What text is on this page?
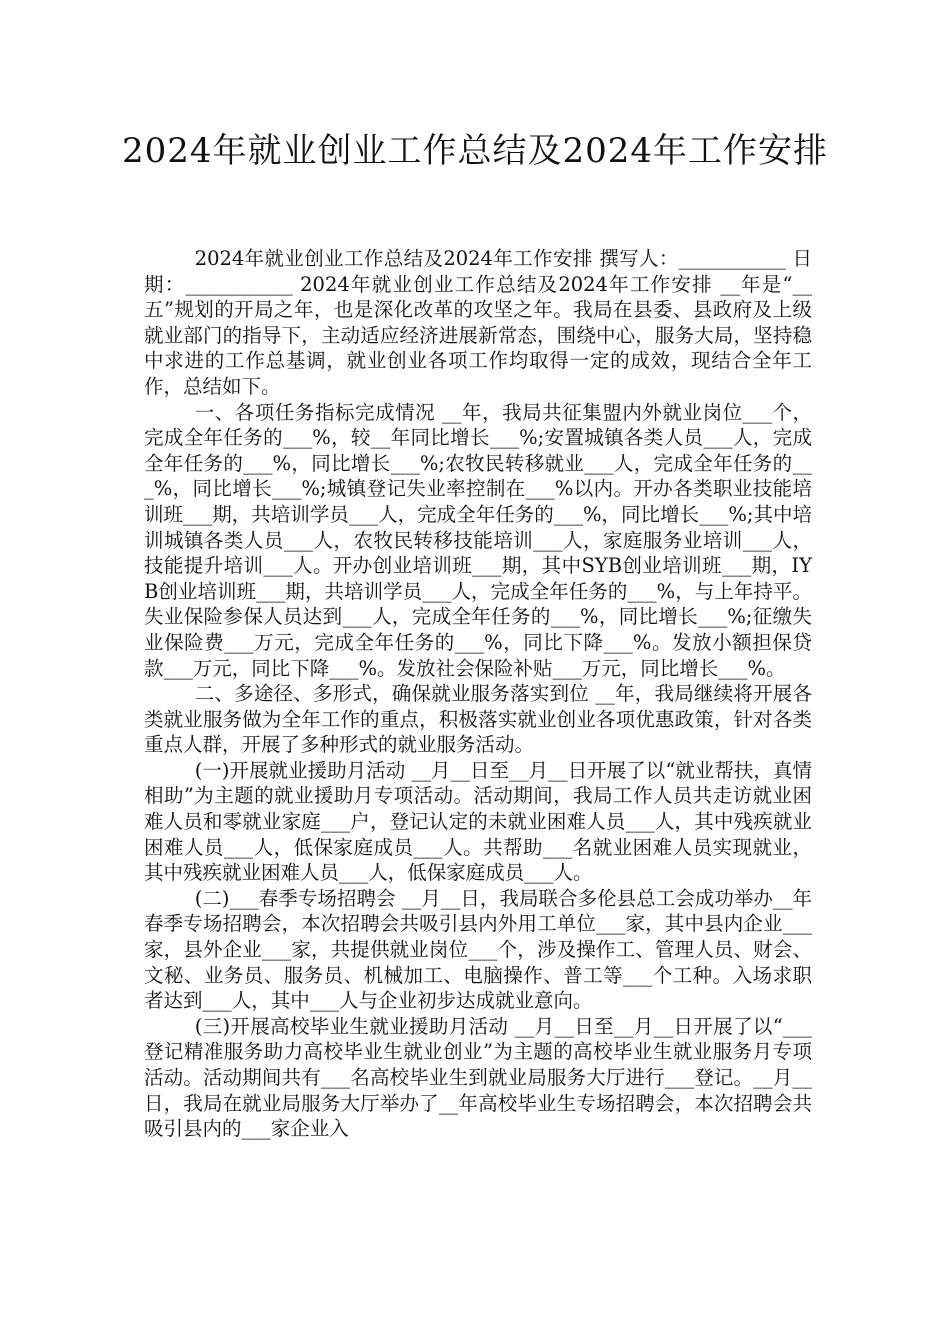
2024年就业创业工作总结及2024年工作安排

2024年就业创业工作总结及2024年工作安排 撰写人：___________ 日 期：___________ 2024年就业创业工作总结及2024年工作安排 __年是“__五”规划的开局之年，也是深化改革的攻坚之年。我局在县委、县政府及上级就业部门的指导下，主动适应经济进展新常态，围绕中心，服务大局，坚持稳中求进的工作总基调，就业创业各项工作均取得一定的成效，现结合全年工作，总结如下。

一、各项任务指标完成情况 __年，我局共征集盟内外就业岗位___个，完成全年任务的___%，较__年同比增长___%;安置城镇各类人员___人，完成全年任务的___%，同比增长___%;农牧民转移就业___人，完成全年任务的___%，同比增长___%;城镇登记失业率控制在___%以内。开办各类职业技能培训班___期，共培训学员___人，完成全年任务的___%，同比增长___%;其中培训城镇各类人员___人，农牧民转移技能培训___人，家庭服务业培训___人，技能提升培训___人。开办创业培训班___期，其中SYB创业培训班___期，IYB创业培训班___期，共培训学员___人，完成全年任务的___%，与上年持平。失业保险参保人员达到___人，完成全年任务的___%，同比增长___%;征缴失业保险费___万元，完成全年任务的___%，同比下降___%。发放小额担保贷款___万元，同比下降___%。发放社会保险补贴___万元，同比增长___%。

二、多途径、多形式，确保就业服务落实到位 __年，我局继续将开展各类就业服务做为全年工作的重点，积极落实就业创业各项优惠政策，针对各类重点人群，开展了多种形式的就业服务活动。

(一)开展就业援助月活动 __月__日至__月__日开展了以“就业帮扶，真情相助”为主题的就业援助月专项活动。活动期间，我局工作人员共走访就业困难人员和零就业家庭___户，登记认定的未就业困难人员___人，其中残疾就业困难人员___人，低保家庭成员___人。共帮助___名就业困难人员实现就业，其中残疾就业困难人员___人，低保家庭成员___人。

(二)___春季专场招聘会 __月__日，我局联合多伦县总工会成功举办__年春季专场招聘会，本次招聘会共吸引县内外用工单位___家，其中县内企业___家，县外企业___家，共提供就业岗位___个，涉及操作工、管理人员、财会、文秘、业务员、服务员、机械加工、电脑操作、普工等___个工种。入场求职者达到___人，其中___人与企业初步达成就业意向。

(三)开展高校毕业生就业援助月活动 __月__日至__月__日开展了以“___登记精准服务助力高校毕业生就业创业”为主题的高校毕业生就业服务月专项活动。活动期间共有___名高校毕业生到就业局服务大厅进行___登记。__月__日，我局在就业局服务大厅举办了__年高校毕业生专场招聘会，本次招聘会共吸引县内的___家企业入
